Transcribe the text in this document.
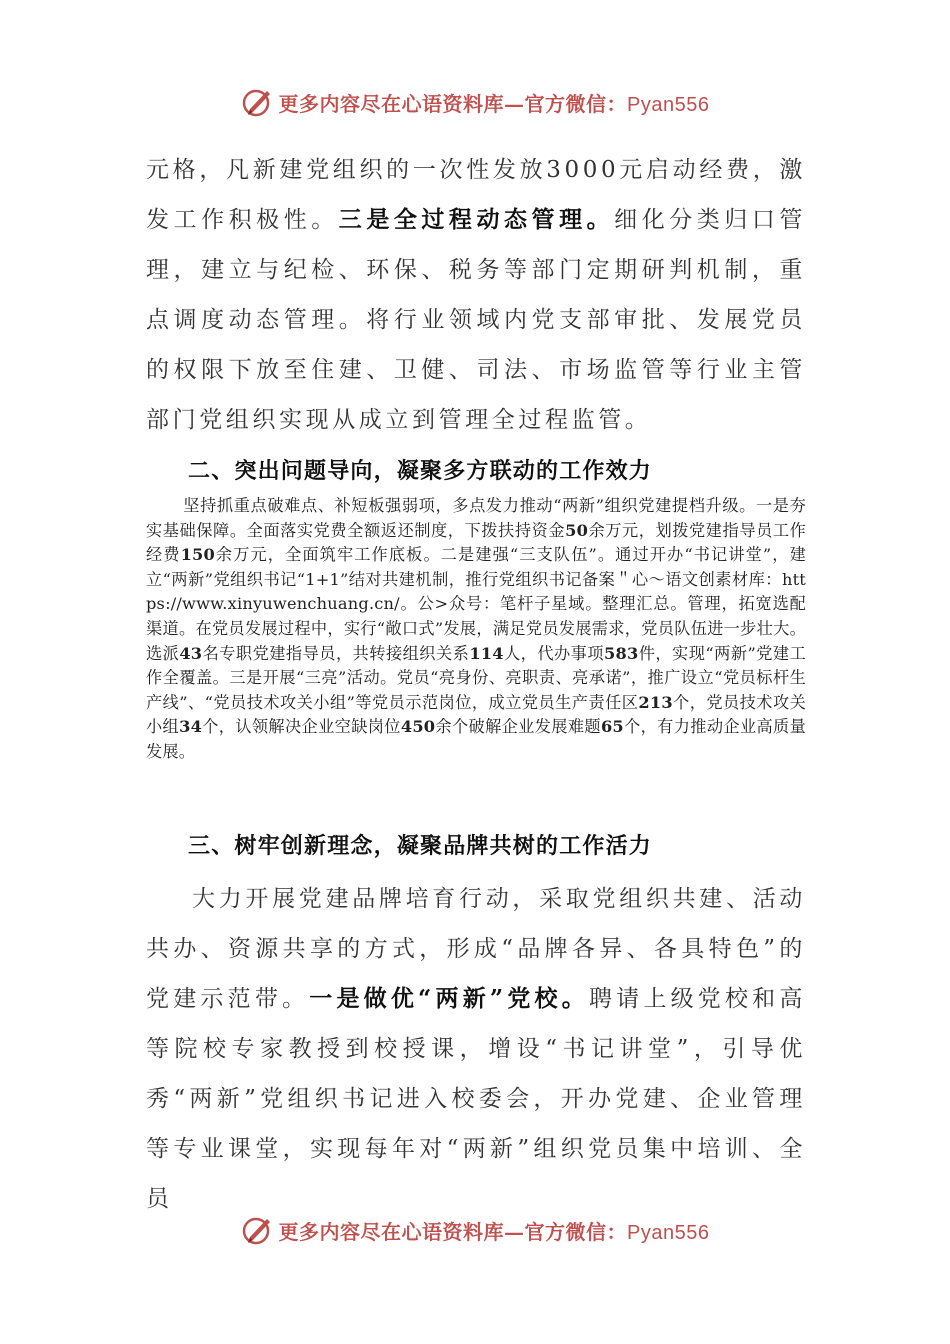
更多内容尽在心语资料库—官方微信：Pyan556

元格，凡新建党组织的一次性发放3000元启动经费，激发工作积极性。三是全过程动态管理。细化分类归口管理，建立与纪检、环保、税务等部门定期研判机制，重点调度动态管理。将行业领域内党支部审批、发展党员的权限下放至住建、卫健、司法、市场监管等行业主管部门党组织实现从成立到管理全过程监管。

二、突出问题导向，凝聚多方联动的工作效力

坚持抓重点破难点、补短板强弱项，多点发力推动“两新”组织党建提档升级。一是夯实基础保障。全面落实党费全额返还制度，下拨扶持资金50余万元，划拨党建指导员工作经费150余万元，全面筑牢工作底板。二是建强“三支队伍”。通过开办“书记讲堂”，建立“两新”党组织书记“1+1”结对共建机制，推行党组织书记备案＂心～语文创素材库：https://www.xinyuwenchuang.cn/。公>众号：笔杆子星域。整理汇总。管理，拓宽选配渠道。在党员发展过程中，实行“敞口式”发展，满足党员发展需求，党员队伍进一步壮大。选派43名专职党建指导员，共转接组织关系114人，代办事项583件，实现“两新”党建工作全覆盖。三是开展“三亮”活动。党员“亮身份、亮职责、亮承诺”，推广设立“党员标杆生产线”、“党员技术攻关小组”等党员示范岗位，成立党员生产责任区213个，党员技术攻关小组34个，认领解决企业空缺岗位450余个破解企业发展难题65个，有力推动企业高质量发展。

三、树牢创新理念，凝聚品牌共树的工作活力

大力开展党建品牌培育行动，采取党组织共建、活动共办、资源共享的方式，形成“品牌各异、各具特色”的党建示范带。一是做优“两新”党校。聘请上级党校和高等院校专家教授到校授课，增设“书记讲堂”，引导优秀“两新”党组织书记进入校委会，开办党建、企业管理等专业课堂，实现每年对“两新”组织党员集中培训、全员

更多内容尽在心语资料库—官方微信：Pyan556
